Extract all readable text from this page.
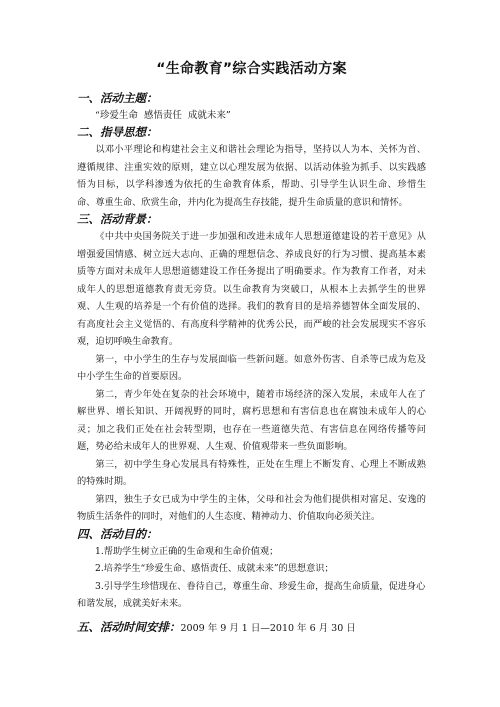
“生命教育”综合实践活动方案
一、活动主题：
“珍爱生命  感悟责任  成就未来”
二、指导思想：

以邓小平理论和构建社会主义和谐社会理论为指导，坚持以人为本、关怀为首、遵循规律、注重实效的原则，建立以心理发展为依据、以活动体验为抓手、以实践感悟为目标，以学科渗透为依托的生命教育体系，帮助、引导学生认识生命、珍惜生命、尊重生命、欣赏生命，并内化为提高生存技能，提升生命质量的意识和情怀。

三、活动背景：

《中共中央国务院关于进一步加强和改进未成年人思想道德建设的若干意见》从增强爱国情感、树立远大志向、正确的理想信念、养成良好的行为习惯、提高基本素质等方面对未成年人思想道德建设工作任务提出了明确要求。作为教育工作者，对未成年人的思想道德教育责无旁贷。以生命教育为突破口，从根本上去抓学生的世界观、人生观的培养是一个有价值的选择。我们的教育目的是培养德智体全面发展的、有高度社会主义觉悟的、有高度科学精神的优秀公民，而严峻的社会发展现实不容乐观，迫切呼唤生命教育。

第一，中小学生的生存与发展面临一些新问题。如意外伤害、自杀等已成为危及中小学生生命的首要原因。

第二，青少年处在复杂的社会环境中，随着市场经济的深入发展，未成年人在了解世界、增长知识、开阔视野的同时，腐朽思想和有害信息也在腐蚀未成年人的心灵；加之我们正处在社会转型期，也存在一些道德失范、有害信息在网络传播等问题，势必给未成年人的世界观、人生观、价值观带来一些负面影响。

第三，初中学生身心发展具有特殊性，正处在生理上不断发育、心理上不断成熟的特殊时期。

第四，独生子女已成为中学生的主体，父母和社会为他们提供相对富足、安逸的物质生活条件的同时，对他们的人生态度、精神动力、价值取向必须关注。

四、活动目的：
1.帮助学生树立正确的生命观和生命价值观；
2.培养学生“珍爱生命、感悟责任、成就未来”的思想意识；
3.引导学生珍惜现在、眷待自己，尊重生命、珍爱生命，提高生命质量，促进身心和谐发展，成就美好未来。
五、活动时间安排：2009 年 9 月 1 日—2010 年 6 月 30 日
